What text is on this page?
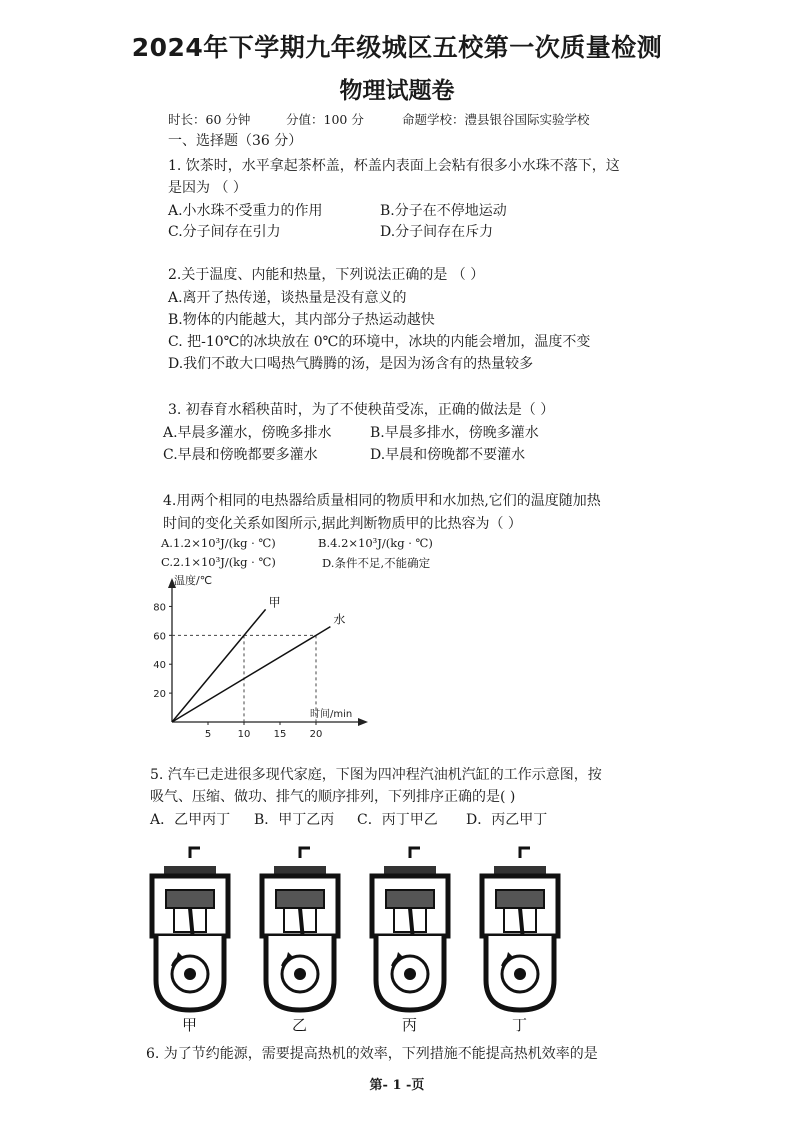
2024年下学期九年级城区五校第一次质量检测
物理试题卷
时长：60 分钟	分值：100 分	命题学校：澧县银谷国际实验学校
一、选择题（36 分）
1. 饮茶时，水平拿起茶杯盖，杯盖内表面上会粘有很多小水珠不落下，这
是因为 （ ）
A.小水珠不受重力的作用	B.分子在不停地运动
C.分子间存在引力	D.分子间存在斥力
2.关于温度、内能和热量，下列说法正确的是 （ ）
A.离开了热传递，谈热量是没有意义的
B.物体的内能越大，其内部分子热运动越快
C. 把-10℃的冰块放在 0℃的环境中，冰块的内能会增加，温度不变
D.我们不敢大口喝热气腾腾的汤，是因为汤含有的热量较多
3. 初春育水稻秧苗时，为了不使秧苗受冻，正确的做法是（ ）
A.早晨多灌水，傍晚多排水	B.早晨多排水，傍晚多灌水
C.早晨和傍晚都要多灌水	D.早晨和傍晚都不要灌水
4.用两个相同的电热器给质量相同的物质甲和水加热,它们的温度随加热
时间的变化关系如图所示,据此判断物质甲的比热容为（ ）
A.1.2×10³J/(kg · ℃)	B.4.2×10³J/(kg · ℃)
C.2.1×10³J/(kg · ℃)	D.条件不足,不能确定
温度/℃
时间/min
20
40
60
80
5	10 15 20
甲
水
5. 汽车已走进很多现代家庭，下图为四冲程汽油机汽缸的工作示意图，按
吸气、压缩、做功、排气的顺序排列，下列排序正确的是( )
A．乙甲丙丁 B．甲丁乙丙 C．丙丁甲乙 D．丙乙甲丁
甲	乙	丙	丁
6. 为了节约能源，需要提高热机的效率，下列措施不能提高热机效率的是
第- 1 -页
